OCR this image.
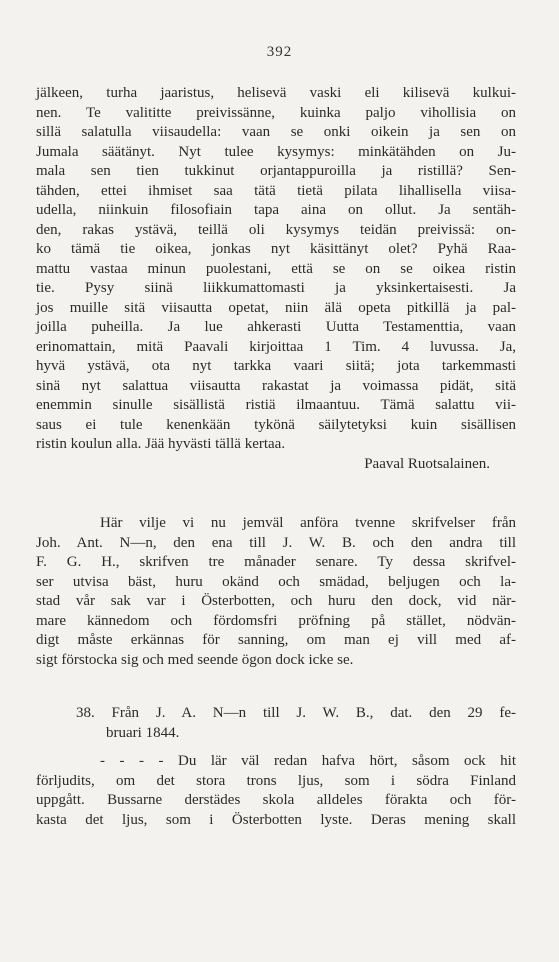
392
jälkeen, turha jaaristus, helisevä vaski eli kilisevä kulkui-
nen. Te valititte preivissänne, kuinka paljo vihollisia on
sillä salatulla viisaudella: vaan se onki oikein ja sen on
Jumala säätänyt. Nyt tulee kysymys: minkätähden on Ju-
mala sen tien tukkinut orjantappuroilla ja ristillä? Sen-
tähden, ettei ihmiset saa tätä tietä pilata lihallisella viisa-
udella, niinkuin filosofiain tapa aina on ollut. Ja sentäh-
den, rakas ystävä, teillä oli kysymys teidän preivissä: on-
ko tämä tie oikea, jonkas nyt käsittänyt olet? Pyhä Raa-
mattu vastaa minun puolestani, että se on se oikea ristin
tie. Pysy siinä liikkumattomasti ja yksinkertaisesti. Ja
jos muille sitä viisautta opetat, niin älä opeta pitkillä ja pal-
joilla puheilla. Ja lue ahkerasti Uutta Testamenttia, vaan
erinomattain, mitä Paavali kirjoittaa 1 Tim. 4 luvussa. Ja,
hyvä ystävä, ota nyt tarkka vaari siitä; jota tarkemmasti
sinä nyt salattua viisautta rakastat ja voimassa pidät, sitä
enemmin sinulle sisällistä ristiä ilmaantuu. Tämä salattu vii-
saus ei tule kenenkään tykönä säilytetyksi kuin sisällisen
ristin koulun alla. Jää hyvästi tällä kertaa.
Paaval Ruotsalainen.
Här vilje vi nu jemväl anföra tvenne skrifvelser från
Joh. Ant. N—n, den ena till J. W. B. och den andra till
F. G. H., skrifven tre månader senare. Ty dessa skrifvel-
ser utvisa bäst, huru okänd och smädad, beljugen och la-
stad vår sak var i Österbotten, och huru den dock, vid när-
mare kännedom och fördomsfri pröfning på stället, nödvän-
digt måste erkännas för sanning, om man ej vill med af-
sigt förstocka sig och med seende ögon dock icke se.
38. Från J. A. N—n till J. W. B., dat. den 29 fe-
bruari 1844.
- - - - Du lär väl redan hafva hört, såsom ock hit
förljudits, om det stora trons ljus, som i södra Finland
uppgått. Bussarne derstädes skola alldeles förakta och för-
kasta det ljus, som i Österbotten lyste. Deras mening skall
